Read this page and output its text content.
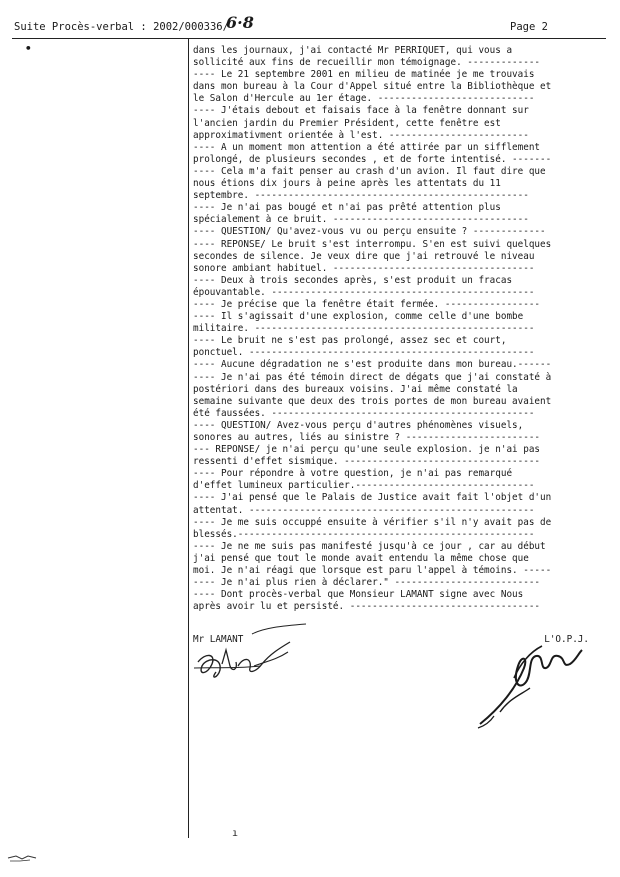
Suite Procès-verbal : 2002/000336/
6·8	Page 2
•	dans les journaux, j'ai contacté Mr PERRIQUET, qui vous a
sollicité aux fins de recueillir mon témoignage. -------------
---- Le 21 septembre 2001 en milieu de matinée je me trouvais
dans mon bureau à la Cour d'Appel situé entre la Bibliothèque et
le Salon d'Hercule au 1er étage. ----------------------------
---- J'étais debout et faisais face à la fenêtre donnant sur
l'ancien jardin du Premier Président, cette fenêtre est
approximativment orientée à l'est. -------------------------
---- A un moment mon attention a été attirée par un sifflement
prolongé, de plusieurs secondes , et de forte intentisé. -------
---- Cela m'a fait penser au crash d'un avion. Il faut dire que
nous étions dix jours à peine après les attentats du 11
septembre. -------------------------------------------------
---- Je n'ai pas bougé et n'ai pas prêté attention plus
spécialement à ce bruit. -----------------------------------
---- QUESTION/ Qu'avez-vous vu ou perçu ensuite ? -------------
---- REPONSE/ Le bruit s'est interrompu. S'en est suivi quelques
secondes de silence. Je veux dire que j'ai retrouvé le niveau
sonore ambiant habituel. ------------------------------------
---- Deux à trois secondes après, s'est produit un fracas
épouvantable. -----------------------------------------------
---- Je précise que la fenêtre était fermée. -----------------
---- Il s'agissait d'une explosion, comme celle d'une bombe
militaire. --------------------------------------------------
---- Le bruit ne s'est pas prolongé, assez sec et court,
ponctuel. ---------------------------------------------------
---- Aucune dégradation ne s'est produite dans mon bureau.------
---- Je n'ai pas été témoin direct de dégats que j'ai constaté à
postériori dans des bureaux voisins. J'ai même constaté la
semaine suivante que deux des trois portes de mon bureau avaient
été faussées. -----------------------------------------------
---- QUESTION/ Avez-vous perçu d'autres phénomènes visuels,
sonores au autres, liés au sinistre ? ------------------------
--- REPONSE/ je n'ai perçu qu'une seule explosion. je n'ai pas
ressenti d'effet sismique. -----------------------------------
---- Pour répondre à votre question, je n'ai pas remarqué
d'effet lumineux particulier.--------------------------------
---- J'ai pensé que le Palais de Justice avait fait l'objet d'un
attentat. ---------------------------------------------------
---- Je me suis occuppé ensuite à vérifier s'il n'y avait pas de
blessés.-----------------------------------------------------
---- Je ne me suis pas manifesté jusqu'à ce jour , car au début
j'ai pensé que tout le monde avait entendu la même chose que
moi. Je n'ai réagi que lorsque est paru l'appel à témoins. -----
---- Je n'ai plus rien à déclarer." --------------------------
---- Dont procès-verbal que Monsieur LAMANT signe avec Nous
après avoir lu et persisté. ----------------------------------
Mr LAMANT	L'O.P.J.
ı
